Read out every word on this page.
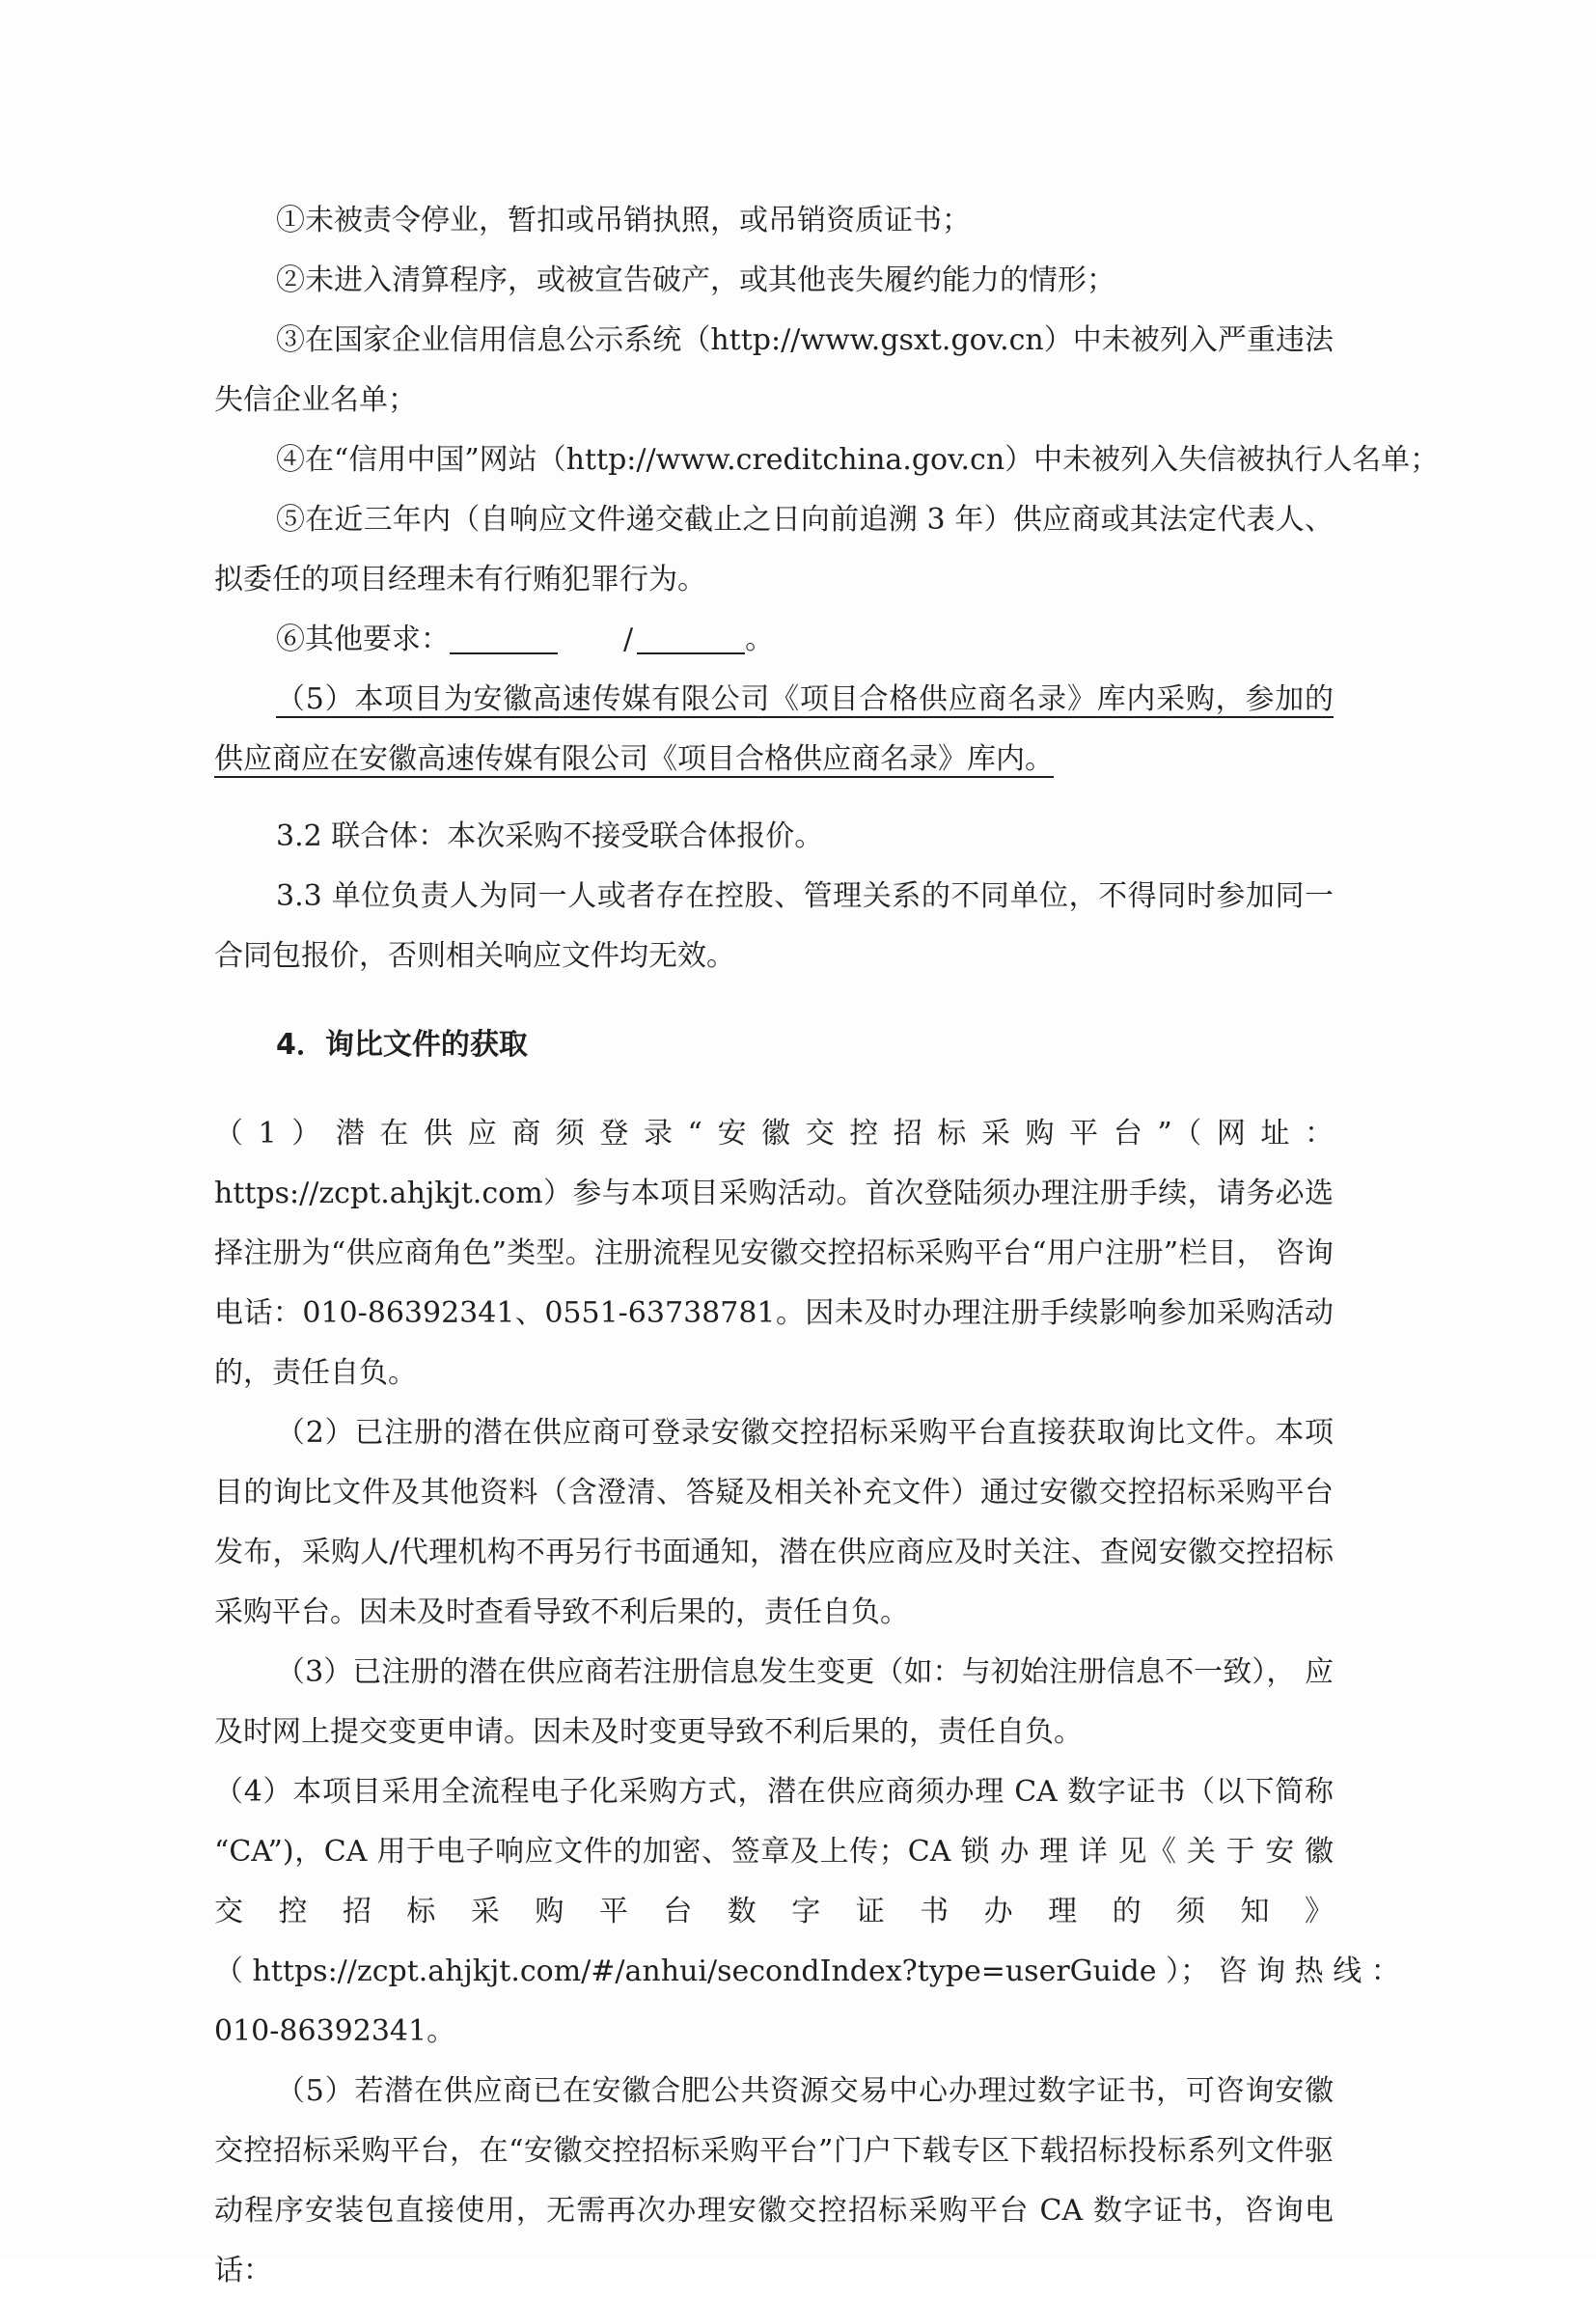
①未被责令停业，暂扣或吊销执照，或吊销资质证书；

②未进入清算程序，或被宣告破产，或其他丧失履约能力的情形；

③在国家企业信用信息公示系统（http://www.gsxt.gov.cn）中未被列入严重违法失信企业名单；

④在“信用中国”网站（http://www.creditchina.gov.cn）中未被列入失信被执行人名单；

⑤在近三年内（自响应文件递交截止之日向前追溯 3 年）供应商或其法定代表人、拟委任的项目经理未有行贿犯罪行为。

⑥其他要求：	/	。

（5）本项目为安徽高速传媒有限公司《项目合格供应商名录》库内采购，参加的供应商应在安徽高速传媒有限公司《项目合格供应商名录》库内。

3.2 联合体：本次采购不接受联合体报价。

3.3 单位负责人为同一人或者存在控股、管理关系的不同单位，不得同时参加同一合同包报价，否则相关响应文件均无效。

4．询比文件的获取

（1）潜在供应商须登录“安徽交控招标采购平台”（网址：

https://zcpt.ahjkjt.com）参与本项目采购活动。首次登陆须办理注册手续，请务必选择注册为“供应商角色”类型。注册流程见安徽交控招标采购平台“用户注册”栏目， 咨询电话：010-86392341、0551-63738781。因未及时办理注册手续影响参加采购活动的，责任自负。

（2）已注册的潜在供应商可登录安徽交控招标采购平台直接获取询比文件。本项目的询比文件及其他资料（含澄清、答疑及相关补充文件）通过安徽交控招标采购平台发布，采购人/代理机构不再另行书面通知，潜在供应商应及时关注、查阅安徽交控招标采购平台。因未及时查看导致不利后果的，责任自负。

（3）已注册的潜在供应商若注册信息发生变更（如：与初始注册信息不一致）， 应及时网上提交变更申请。因未及时变更导致不利后果的，责任自负。

（4）本项目采用全流程电子化采购方式，潜在供应商须办理 CA 数字证书（以下简称

“CA”)，CA 用于电子响应文件的加密、签章及上传；CA 锁 办 理 详 见《 关 于 安 徽

交 控 招 标 采 购 平 台 数 字 证 书 办 理 的 须 知 》

（ https://zcpt.ahjkjt.com/#/anhui/secondIndex?type=userGuide ）； 咨 询 热 线 ：

010-86392341。

（5）若潜在供应商已在安徽合肥公共资源交易中心办理过数字证书，可咨询安徽交控招标采购平台，在“安徽交控招标采购平台”门户下载专区下载招标投标系列文件驱动程序安装包直接使用，无需再次办理安徽交控招标采购平台 CA 数字证书，咨询电话：
